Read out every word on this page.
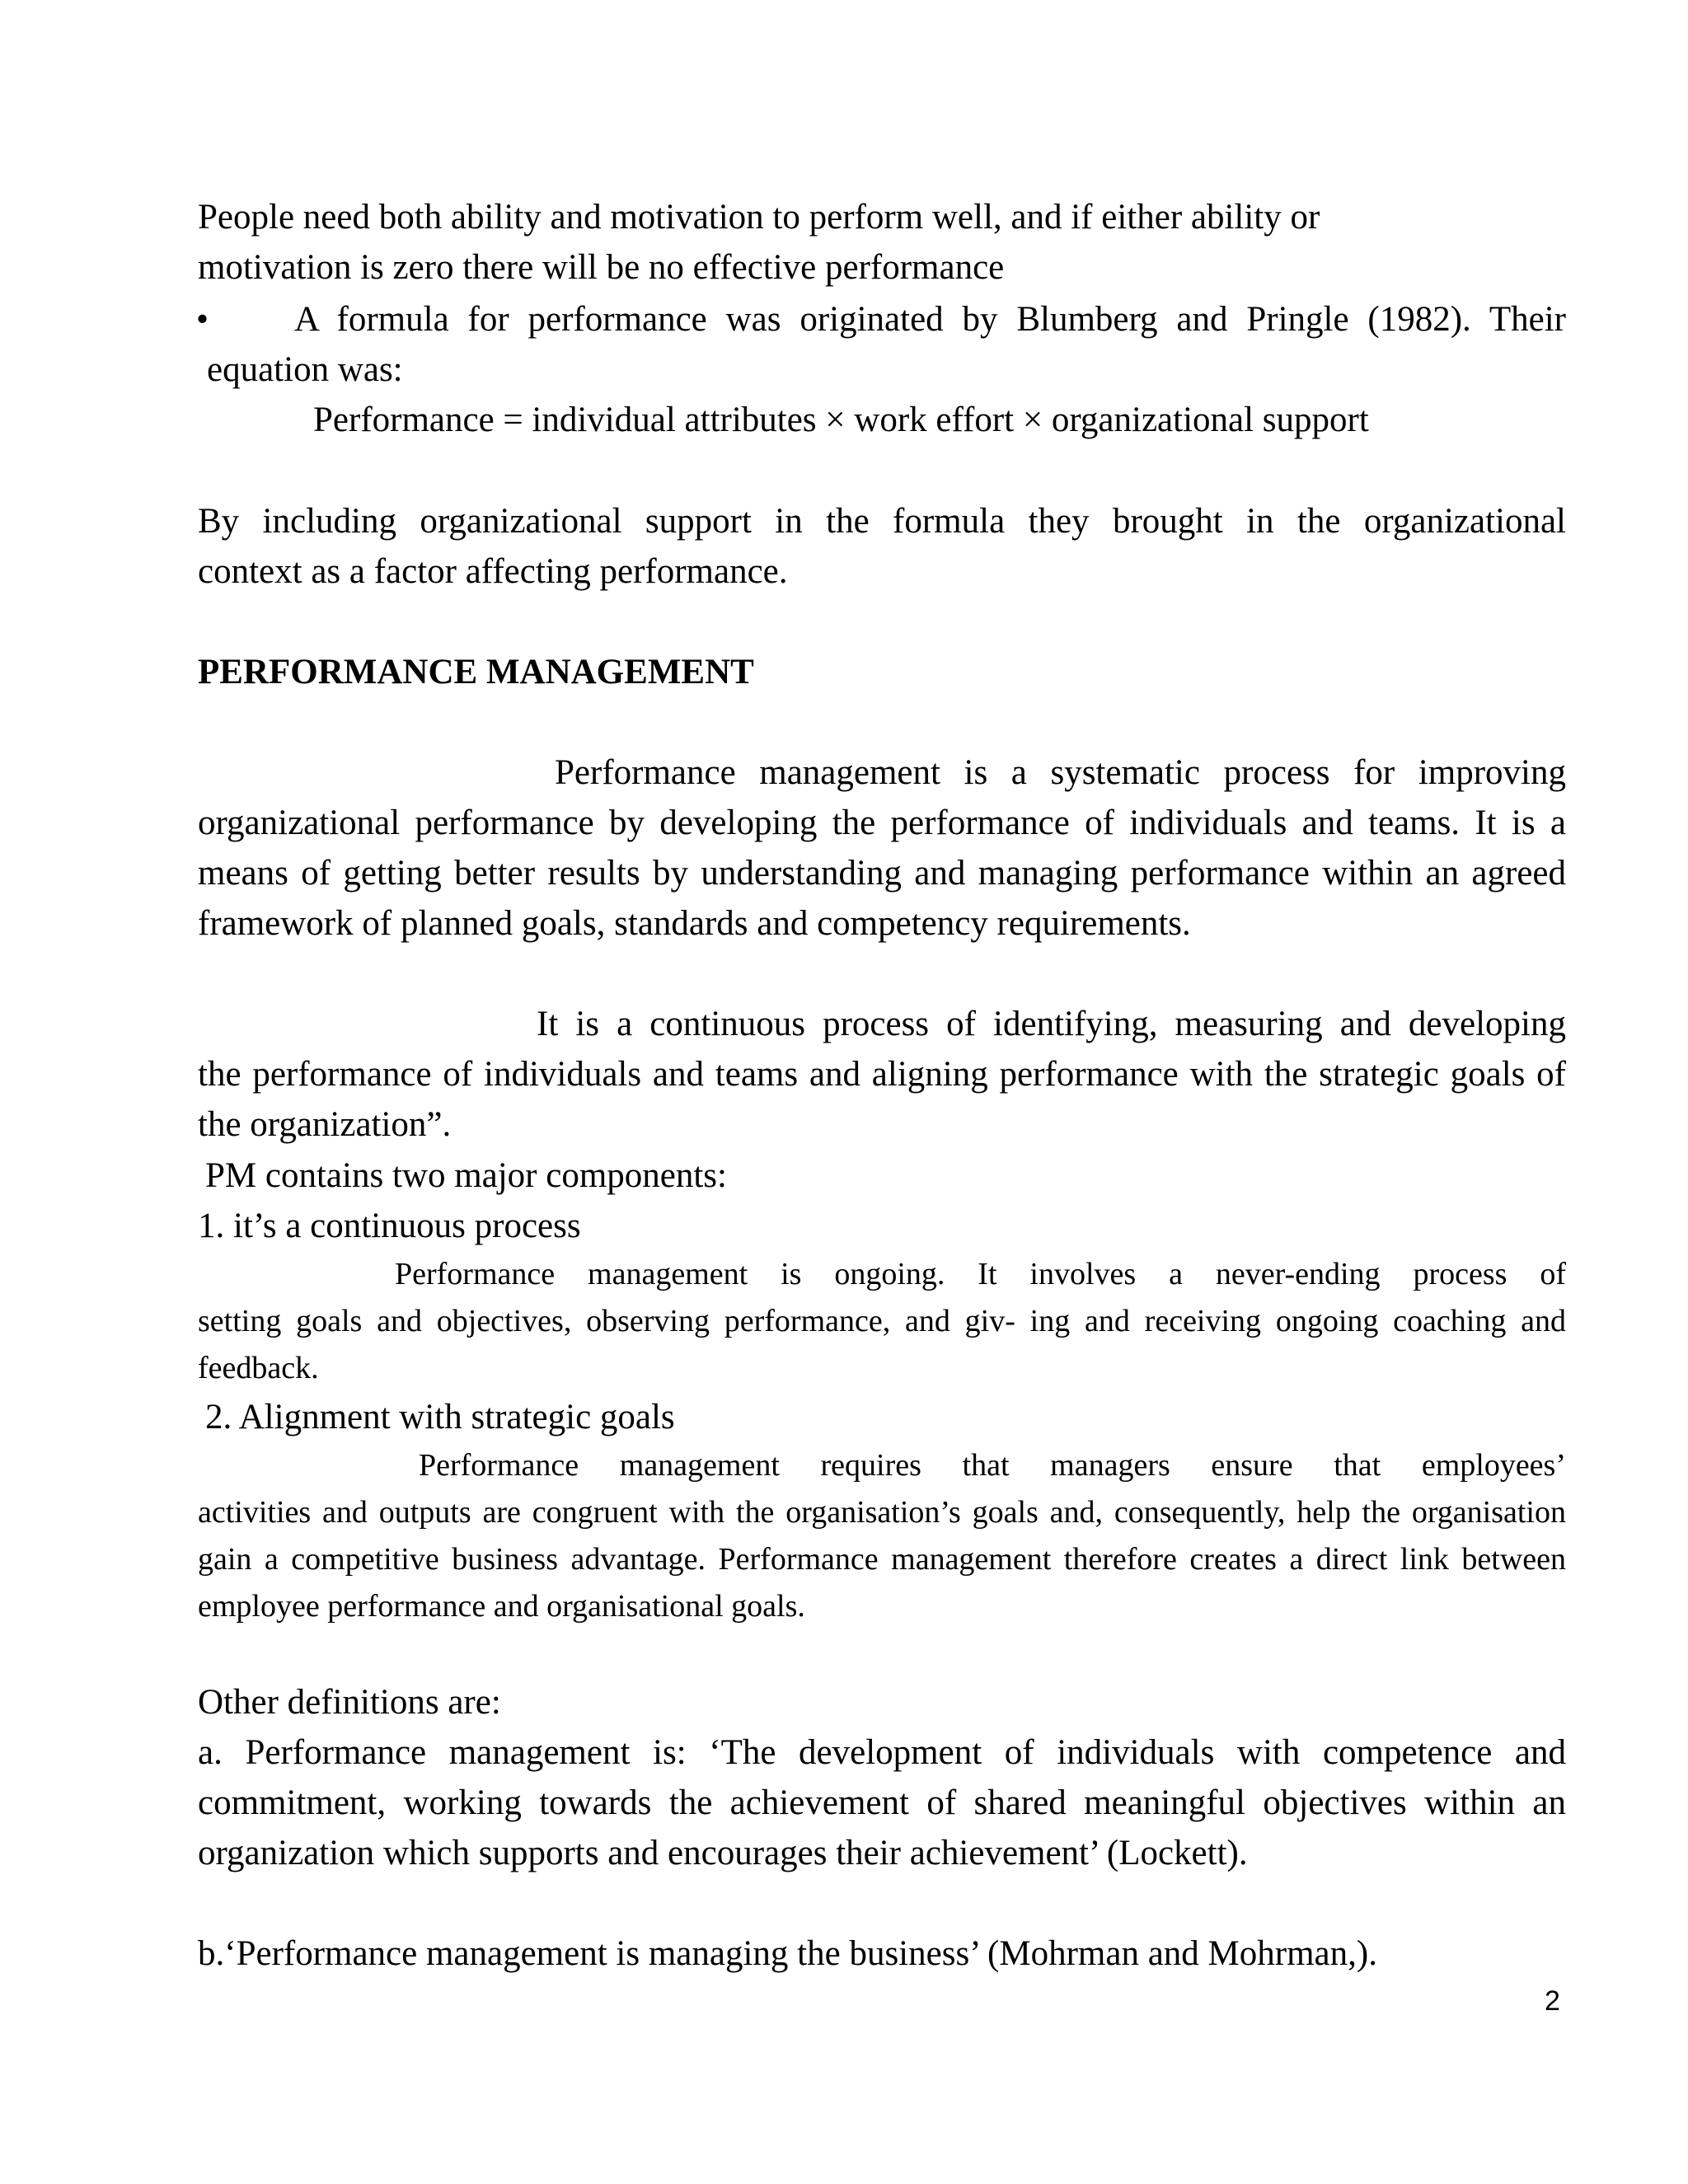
People need both ability and motivation to perform well, and if either ability or
motivation is zero there will be no effective performance
• A formula for performance was originated by Blumberg and Pringle (1982). Their
equation was:
Performance = individual attributes × work effort × organizational support
By including organizational support in the formula they brought in the organizational
context as a factor affecting performance.
PERFORMANCE MANAGEMENT
Performance management is a systematic process for improving
organizational performance by developing the performance of individuals and teams. It is a means of getting better results by understanding and managing performance within an agreed framework of planned goals, standards and competency requirements.
It is a continuous process of identifying, measuring and developing
the performance of individuals and teams and aligning performance with the strategic goals of the organization”.
PM contains two major components:
1. it’s a continuous process
Performance management is ongoing. It involves a never-ending process of
setting goals and objectives, observing performance, and giv- ing and receiving ongoing coaching and feedback.
2. Alignment with strategic goals
Performance management requires that managers ensure that employees’
activities and outputs are congruent with the organisation’s goals and, consequently, help the organisation gain a competitive business advantage. Performance management therefore creates a direct link between employee performance and organisational goals.
Other definitions are:
a. Performance management is: ‘The development of individuals with competence and commitment, working towards the achievement of shared meaningful objectives within an organization which supports and encourages their achievement’ (Lockett).
b.‘Performance management is managing the business’ (Mohrman and Mohrman,).
2
